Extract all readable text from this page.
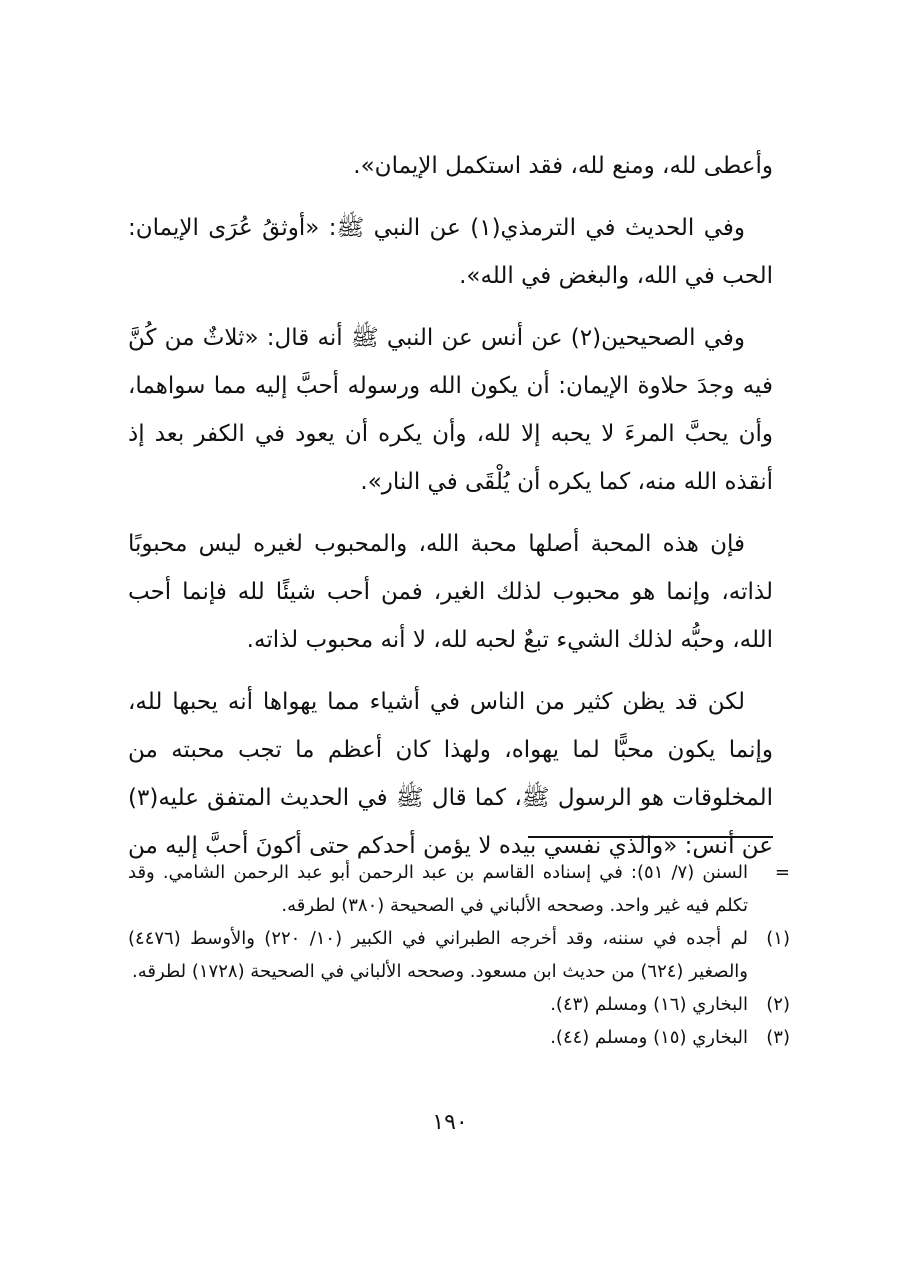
وأعطى لله، ومنع لله، فقد استكمل الإيمان».

وفي الحديث في الترمذي(١) عن النبي ﷺ: «أوثقُ عُرَى الإيمان: الحب في الله، والبغض في الله».

وفي الصحيحين(٢) عن أنس عن النبي ﷺ أنه قال: «ثلاثٌ من كُنَّ فيه وجدَ حلاوة الإيمان: أن يكون الله ورسوله أحبَّ إليه مما سواهما، وأن يحبَّ المرءَ لا يحبه إلا لله، وأن يكره أن يعود في الكفر بعد إذ أنقذه الله منه، كما يكره أن يُلْقَى في النار».

فإن هذه المحبة أصلها محبة الله، والمحبوب لغيره ليس محبوبًا لذاته، وإنما هو محبوب لذلك الغير، فمن أحب شيئًا لله فإنما أحب الله، وحبُّه لذلك الشيء تبعٌ لحبه لله، لا أنه محبوب لذاته.

لكن قد يظن كثير من الناس في أشياء مما يهواها أنه يحبها لله، وإنما يكون محبًّا لما يهواه، ولهذا كان أعظم ما تجب محبته من المخلوقات هو الرسول ﷺ، كما قال ﷺ في الحديث المتفق عليه(٣) عن أنس: «والذي نفسي بيده لا يؤمن أحدكم حتى أكونَ أحبَّ إليه من

=
السنن (٧/ ٥١): في إسناده القاسم بن عبد الرحمن أبو عبد الرحمن الشامي. وقد تكلم فيه غير واحد. وصححه الألباني في الصحيحة (٣٨٠) لطرقه.
(١)
لم أجده في سننه، وقد أخرجه الطبراني في الكبير (١٠/ ٢٢٠) والأوسط (٤٤٧٦) والصغير (٦٢٤) من حديث ابن مسعود. وصححه الألباني في الصحيحة (١٧٢٨) لطرقه.
(٢)
البخاري (١٦) ومسلم (٤٣).
(٣)
البخاري (١٥) ومسلم (٤٤).
١٩٠
